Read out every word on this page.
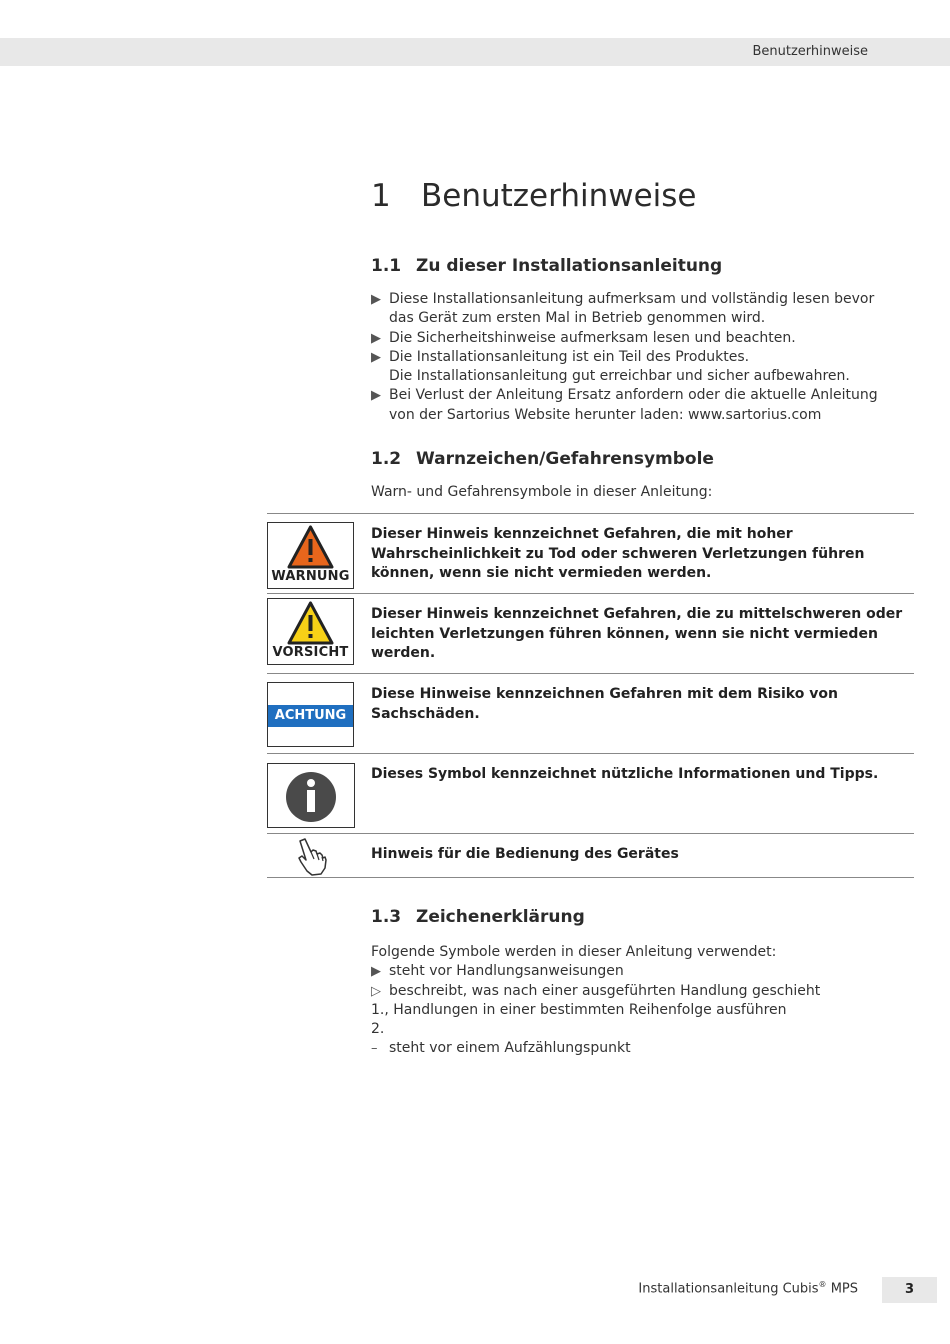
Benutzerhinweise
1 Benutzerhinweise
1.1 Zu dieser Installationsanleitung
▶ Diese Installationsanleitung aufmerksam und vollständig lesen bevor
das Gerät zum ersten Mal in Betrieb genommen wird.
▶ Die Sicherheitshinweise aufmerksam lesen und beachten.
▶ Die Installationsanleitung ist ein Teil des Produktes.
Die Installationsanleitung gut erreichbar und sicher aufbewahren.
▶ Bei Verlust der Anleitung Ersatz anfordern oder die aktuelle Anleitung
von der Sartorius Website herunter laden: www.sartorius.com
1.2 Warnzeichen/Gefahrensymbole
Warn- und Gefahrensymbole in dieser Anleitung:
WARNUNG
Dieser Hinweis kennzeichnet Gefahren, die mit hoher Wahrscheinlichkeit zu Tod oder schweren Verletzungen führen können, wenn sie nicht vermieden werden.
VORSICHT
Dieser Hinweis kennzeichnet Gefahren, die zu mittelschweren oder leichten Verletzungen führen können, wenn sie nicht vermieden werden.
ACHTUNG
Diese Hinweise kennzeichnen Gefahren mit dem Risiko von Sachschäden.
Dieses Symbol kennzeichnet nützliche Informationen und Tipps.
Hinweis für die Bedienung des Gerätes
1.3 Zeichenerklärung
Folgende Symbole werden in dieser Anleitung verwendet:
▶ steht vor Handlungsanweisungen
▷ beschreibt, was nach einer ausgeführten Handlung geschieht
1., Handlungen in einer bestimmten Reihenfolge ausführen
2.
– steht vor einem Aufzählungspunkt
Installationsanleitung Cubis® MPS	3
